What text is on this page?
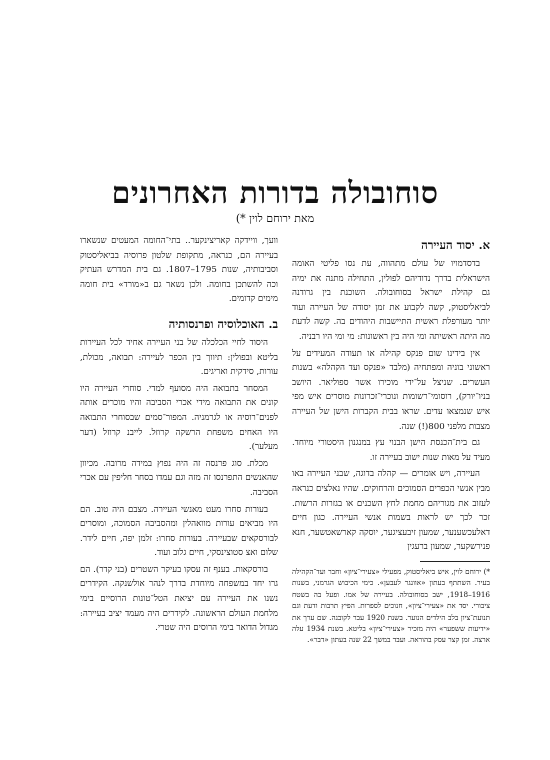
סוחובולה בדורות האחרונים
מאת ירוחם לוין *)
א. יסוד העיירה

בדסדמויו של עולם מתהווה, עת נסו פליטי האומה הישראלית בדרך נדודיהם לפולין, התחילה מתנה את ימיה גם קהילת ישראל בסוחובולה. השוכנת בין גרודנה לביאליסטוק, קשה לקבוע את זמן יסודה של העיירה ועוד יותר מעורפלת ראשית התיישבות היהודים בה. קשה לדעת מה היתה ראשיתה ומי היה בין ראשונות: מי ומי היו רבניה.

אין בידינו שום פנקס קהילה או תעודה המעידים על ראשוני בוניה ומפתחיה (מלבד «פנקס ועד הקהלה» בשנות העשרים. שניצל על־ידי מוכירו אשר ספוליאר. היושב בניו־יורק), רוסומי־רשומות ונוכרי־זכרונות מוסרים איש מפי איש שנמצאו עדים. שראו בבית הקברות הישן של העיירה מצבות מלפני 800(!) שנה.

גם בית־הכנסת הישן הבנוי עץ במנגנון היסטורי מיוחד. מעיד על מאות שנות ישוב בעיירה זו.

העיירה, ויש אומרים — קהלה בדוגה, שבני העיירה באו מבין אנשי הכפרים הסמוכים והרחוקים. שהיו נאלצים כנראה לעזוב את מגוריהם מחמת לחץ השכנים או בגזרות הרשות. זכר לכך יש לראות בשמות אנשי העיירה. כגון חיים דאלעכשענער, שמעון זיבעציגער, יוסקה קארשאטשער, חנא פנירשקער, שמעון ברעגין

*) ירוחם לוין, איש ביאליסטוק, מפעילי «צעירי־ציון» וחבר ועד־הקהילה בעיר. השתתף בעתון «אוונגר לעבען». כימי הכיבוש הגרמני, בשנות 1916–1918, ישב בסוחובולה. בעיירה של אמו. ופעל בה בשטח ציבורי. יסד את «צעירי־ציון», חנוכים לספרות. הפיץ תרבות ודעת וגם תנועת־ציון בלב הילדים הנוער. בשנת 1920 עבר לקובנה. שם ערך את «ידיעות ששפער» היה מזכיר «צעירי־ציון» בליטא. בשנת 1934 עלה ארצה. זמן קצר עסק בהוראה. ועבד במשך 22 שנה בעתון «דבר».

וועך, וויידקה קאריצינקער.. בתי־החומה המעטים שנשארו בעיירה הם, כנראה, מתקופת שלטון פרוסיה בביאליסטוק וסביבותיה, שנות 1795–1807. גם בית המדרש העתיק וכה להשתכן בחומה. ולכן נשאר גם ב«מורד» בית חומה מימים קדומים.

ב. האוכלוסיה ופרנסותיה

היסוד לחיי הכלכלה של בני העיירה אחיד לכל העיירות בליטא ובפולין: תיווך בין הכפר לעיירה: תבואה, מכולת, עורות, סידקית ואריגים.

המסחר בתבואה היה מסועף למדי. סוחרי העיירה היו קונים את התבואה מידי אכרי הסביבה והיו מוכרים אותה לפנים־רוסיה או לגרמניה. המפור־סמים שבסוחרי התבואה היו האחים משפחת הרשקה קרוזל. לייבנ קרוזל (דער מעלער).

מכלת. סוג פרנסה זה היה נפוץ במידה מרובה. מכיוון שהאנשים התפרנסו זה מזה וגם עמדו בסחר חליפין עם אכרי הסביבה.

בעורות סחרו מעט מאנשי העיירה. מצבם היה טוב. הם היו מביאים עורות מוואהלין ומהסביבה הסמוכה, ומוסרים לבורסקאים שבעיירה. בעורות סחרו: זלמן יפה, חיים לידר. שלום ואצ סטוצינסקי, חיים גלוב ועוד.

בורסקאות. בענף זה עסקו בעיקר השטרים (בני קדר). הם גרו יחד במשפחה מיוחדת בדרך לנהר אולשנקה. הקידרים נשנו את העיירה עם יציאת הטל־טונות הרוסיים בימי מלחמת העולם הראשונה. לקידרים היה מעמד יציב בעיירה: מגדול הדואר בימי הרוסים היה שטרי.
